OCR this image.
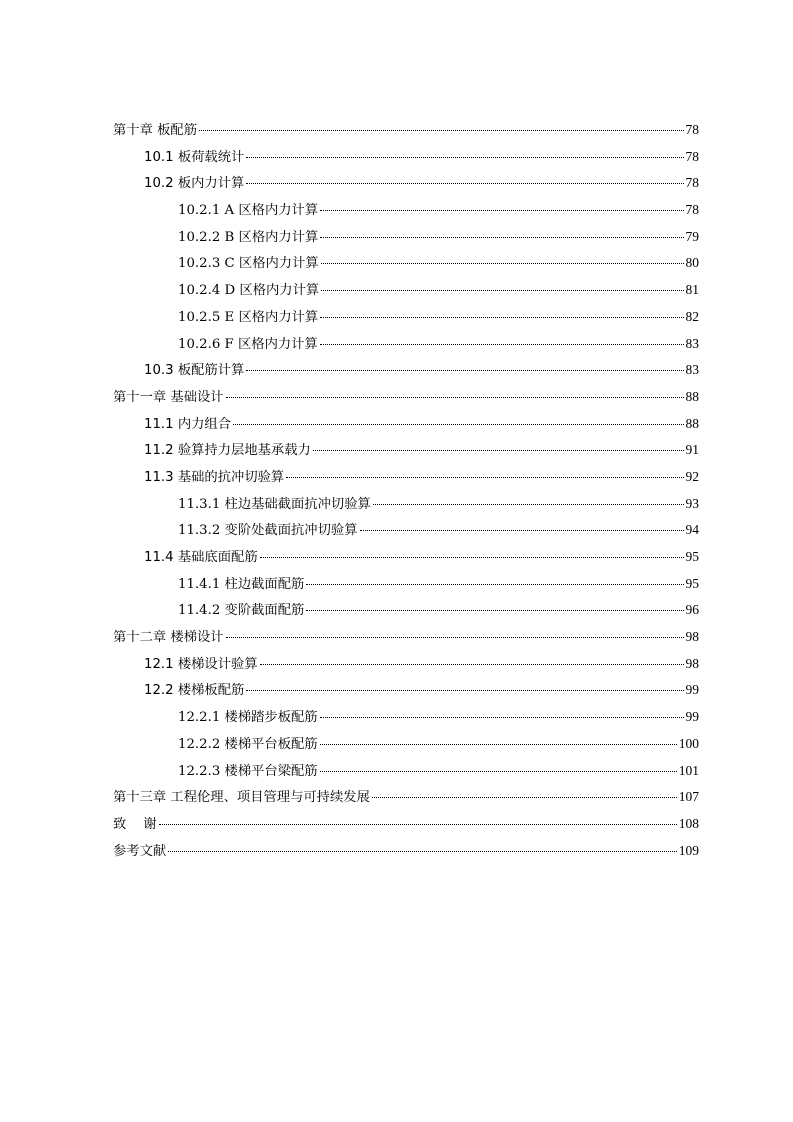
第十章 板配筋	78
10.1 板荷载统计	78
10.2 板内力计算	78
10.2.1 A 区格内力计算	78
10.2.2 B 区格内力计算	79
10.2.3 C 区格内力计算	80
10.2.4 D 区格内力计算	81
10.2.5 E 区格内力计算	82
10.2.6 F 区格内力计算	83
10.3 板配筋计算	83
第十一章 基础设计	88
11.1 内力组合	88
11.2 验算持力层地基承载力	91
11.3 基础的抗冲切验算	92
11.3.1 柱边基础截面抗冲切验算	93
11.3.2 变阶处截面抗冲切验算	94
11.4 基础底面配筋	95
11.4.1 柱边截面配筋	95
11.4.2 变阶截面配筋	96
第十二章 楼梯设计	98
12.1 楼梯设计验算	98
12.2 楼梯板配筋	99
12.2.1 楼梯踏步板配筋	99
12.2.2 楼梯平台板配筋	100
12.2.3 楼梯平台梁配筋	101
第十三章 工程伦理、项目管理与可持续发展	107
致    谢	108
参考文献	109
